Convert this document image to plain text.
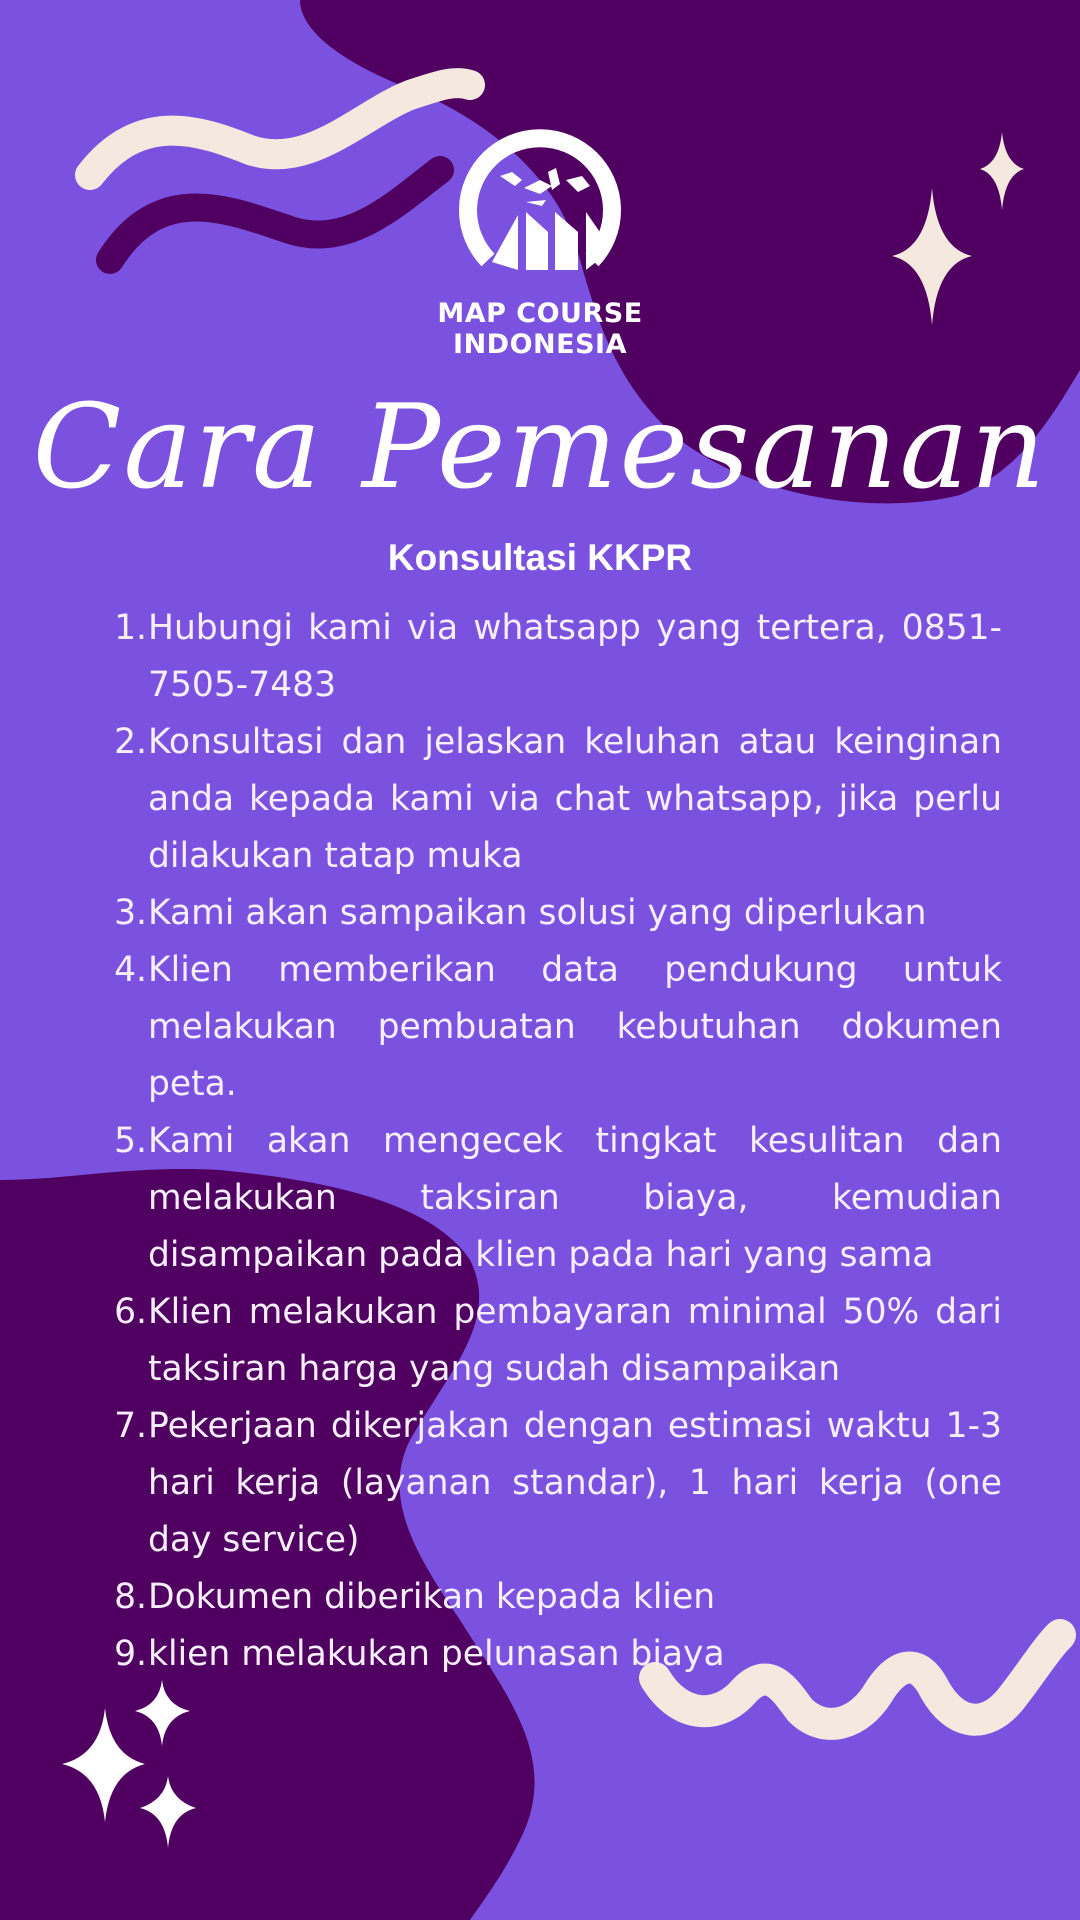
MAP COURSE
INDONESIA
Cara Pemesanan
Konsultasi KKPR
1. Hubungi kami via whatsapp yang tertera, 0851-7505-7483
2. Konsultasi dan jelaskan keluhan atau keinginan anda kepada kami via chat whatsapp, jika perlu dilakukan tatap muka
3. Kami akan sampaikan solusi yang diperlukan
4. Klien memberikan data pendukung untuk melakukan pembuatan kebutuhan dokumen peta.
5. Kami akan mengecek tingkat kesulitan dan melakukan taksiran biaya, kemudian disampaikan pada klien pada hari yang sama
6. Klien melakukan pembayaran minimal 50% dari taksiran harga yang sudah disampaikan
7. Pekerjaan dikerjakan dengan estimasi waktu 1-3 hari kerja (layanan standar), 1 hari kerja (one day service)
8. Dokumen diberikan kepada klien
9. klien melakukan pelunasan biaya
